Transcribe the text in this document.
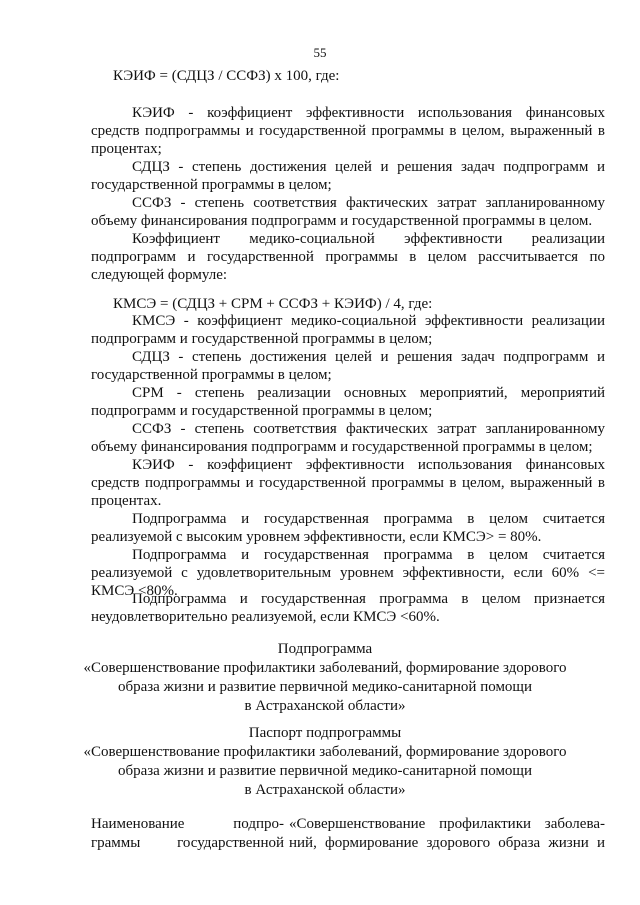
55
КЭИФ = (СДЦЗ / ССФЗ) x 100, где:

КЭИФ - коэффициент эффективности использования финансовых средств подпрограммы и государственной программы в целом, выраженный в процентах;

СДЦЗ - степень достижения целей и решения задач подпрограмм и государственной программы в целом;

ССФЗ - степень соответствия фактических затрат запланированному объему финансирования подпрограмм и государственной программы в целом.

Коэффициент медико-социальной эффективности реализации подпрограмм и государственной программы в целом рассчитывается по следующей формуле:

КМСЭ = (СДЦЗ + СРМ + ССФЗ + КЭИФ) / 4, где:

КМСЭ - коэффициент медико-социальной эффективности реализации подпрограмм и государственной программы в целом;

СДЦЗ - степень достижения целей и решения задач подпрограмм и государственной программы в целом;

СРМ - степень реализации основных мероприятий, мероприятий подпрограмм и государственной программы в целом;

ССФЗ - степень соответствия фактических затрат запланированному объему финансирования подпрограмм и государственной программы в целом;

КЭИФ - коэффициент эффективности использования финансовых средств подпрограммы и государственной программы в целом, выраженный в процентах.

Подпрограмма и государственная программа в целом считается реализуемой с высоким уровнем эффективности, если КМСЭ> = 80%.

Подпрограмма и государственная программа в целом считается реализуемой с удовлетворительным уровнем эффективности, если 60% <= КМСЭ <80%.

Подпрограмма и государственная программа в целом признается неудовлетворительно реализуемой, если КМСЭ <60%.

Подпрограмма
«Совершенствование профилактики заболеваний, формирование здорового
образа жизни и развитие первичной медико-санитарной помощи
в Астраханской области»
Паспорт подпрограммы
«Совершенствование профилактики заболеваний, формирование здорового
образа жизни и развитие первичной медико-санитарной помощи
в Астраханской области»
Наименование подпро-
граммы государственной
«Совершенствование профилактики заболева-
ний, формирование здорового образа жизни и
